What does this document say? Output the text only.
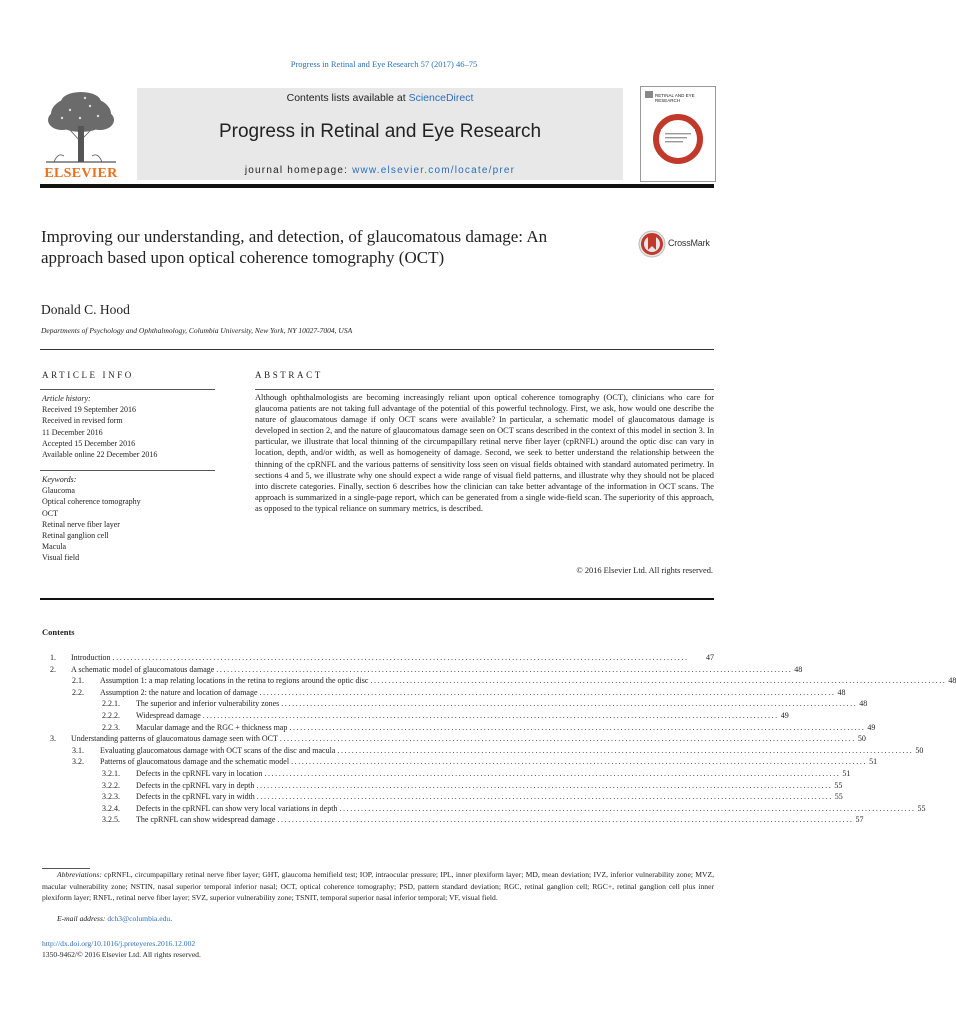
Progress in Retinal and Eye Research 57 (2017) 46–75
ELSEVIER
Contents lists available at ScienceDirect
Progress in Retinal and Eye Research
journal homepage: www.elsevier.com/locate/prer
RETINAL AND EYE RESEARCH
Improving our understanding, and detection, of glaucomatous damage: An approach based upon optical coherence tomography (OCT)
CrossMark
Donald C. Hood
Departments of Psychology and Ophthalmology, Columbia University, New York, NY 10027-7004, USA
ARTICLE INFO
Article history:
Received 19 September 2016
Received in revised form
11 December 2016
Accepted 15 December 2016
Available online 22 December 2016
Keywords:
Glaucoma
Optical coherence tomography
OCT
Retinal nerve fiber layer
Retinal ganglion cell
Macula
Visual field
ABSTRACT
Although ophthalmologists are becoming increasingly reliant upon optical coherence tomography (OCT), clinicians who care for glaucoma patients are not taking full advantage of the potential of this powerful technology. First, we ask, how would one describe the nature of glaucomatous damage if only OCT scans were available? In particular, a schematic model of glaucomatous damage is developed in section 2, and the nature of glaucomatous damage seen on OCT scans described in the context of this model in section 3. In particular, we illustrate that local thinning of the circumpapillary retinal nerve fiber layer (cpRNFL) around the optic disc can vary in location, depth, and/or width, as well as homogeneity of damage. Second, we seek to better understand the relationship between the thinning of the cpRNFL and the various patterns of sensitivity loss seen on visual fields obtained with standard automated perimetry. In sections 4 and 5, we illustrate why one should expect a wide range of visual field patterns, and illustrate why they should not be placed into discrete categories. Finally, section 6 describes how the clinician can take better advantage of the information in OCT scans. The approach is summarized in a single-page report, which can be generated from a single wide-field scan. The superiority of this approach, as opposed to the typical reliance on summary metrics, is described.
© 2016 Elsevier Ltd. All rights reserved.
Contents
1. Introduction ................................................................................................................................................................	47
2. A schematic model of glaucomatous damage ................................................................................................................................................................ 48
2.1. Assumption 1: a map relating locations in the retina to regions around the optic disc ................................................................................................................................................................ 48
2.2. Assumption 2: the nature and location of damage ................................................................................................................................................................ 48
2.2.1. The superior and inferior vulnerability zones ................................................................................................................................................................ 48
2.2.2. Widespread damage ................................................................................................................................................................ 49
2.2.3. Macular damage and the RGC + thickness map ................................................................................................................................................................ 49
3. Understanding patterns of glaucomatous damage seen with OCT ................................................................................................................................................................ 50
3.1. Evaluating glaucomatous damage with OCT scans of the disc and macula ................................................................................................................................................................ 50
3.2. Patterns of glaucomatous damage and the schematic model ................................................................................................................................................................ 51
3.2.1. Defects in the cpRNFL vary in location ................................................................................................................................................................ 51
3.2.2. Defects in the cpRNFL vary in depth ................................................................................................................................................................ 55
3.2.3. Defects in the cpRNFL vary in width ................................................................................................................................................................ 55
3.2.4. Defects in the cpRNFL can show very local variations in depth ................................................................................................................................................................ 55
3.2.5. The cpRNFL can show widespread damage ................................................................................................................................................................ 57
Abbreviations: cpRNFL, circumpapillary retinal nerve fiber layer; GHT, glaucoma hemifield test; IOP, intraocular pressure; IPL, inner plexiform layer; MD, mean deviation; IVZ, inferior vulnerability zone; MVZ, macular vulnerability zone; NSTIN, nasal superior temporal inferior nasal; OCT, optical coherence tomography; PSD, pattern standard deviation; RGC, retinal ganglion cell; RGC+, retinal ganglion cell plus inner plexiform layer; RNFL, retinal nerve fiber layer; SVZ, superior vulnerability zone; TSNIT, temporal superior nasal inferior temporal; VF, visual field.
E-mail address: dch3@columbia.edu.
http://dx.doi.org/10.1016/j.preteyeres.2016.12.002
1350-9462/© 2016 Elsevier Ltd. All rights reserved.
